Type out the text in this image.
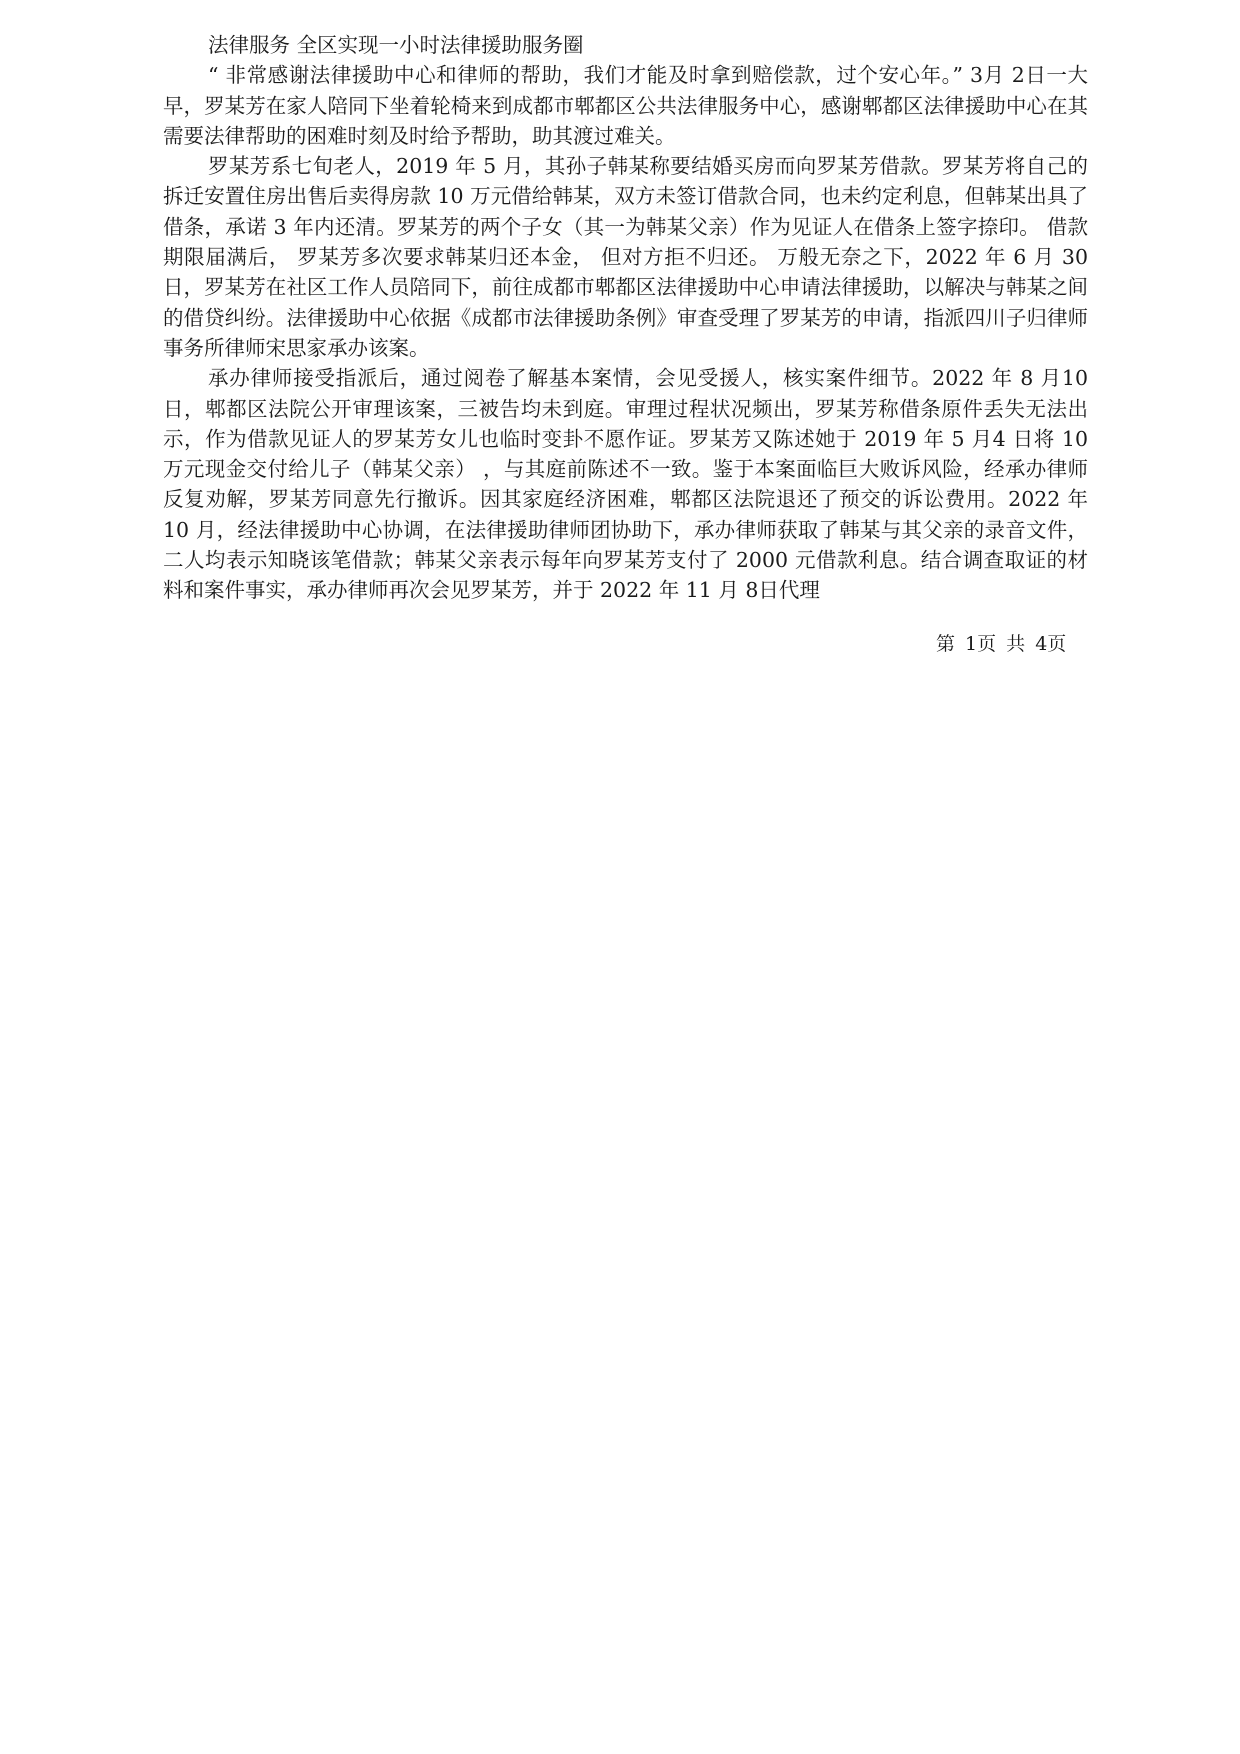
法律服务 全区实现一小时法律援助服务圈

“ 非常感谢法律援助中心和律师的帮助，我们才能及时拿到赔偿款，过个安心年。” 3月 2日一大早，罗某芳在家人陪同下坐着轮椅来到成都市郫都区公共法律服务中心，感谢郫都区法律援助中心在其需要法律帮助的困难时刻及时给予帮助，助其渡过难关。

罗某芳系七旬老人，2019 年 5 月，其孙子韩某称要结婚买房而向罗某芳借款。罗某芳将自己的拆迁安置住房出售后卖得房款 10 万元借给韩某，双方未签订借款合同，也未约定利息，但韩某出具了借条，承诺 3 年内还清。罗某芳的两个子女（其一为韩某父亲）作为见证人在借条上签字捺印。 借款期限届满后， 罗某芳多次要求韩某归还本金， 但对方拒不归还。 万般无奈之下，2022 年 6 月 30 日，罗某芳在社区工作人员陪同下，前往成都市郫都区法律援助中心申请法律援助，以解决与韩某之间的借贷纠纷。法律援助中心依据《成都市法律援助条例》审查受理了罗某芳的申请，指派四川子归律师事务所律师宋思家承办该案。

承办律师接受指派后，通过阅卷了解基本案情，会见受援人，核实案件细节。2022 年 8 月10 日，郫都区法院公开审理该案，三被告均未到庭。审理过程状况频出，罗某芳称借条原件丢失无法出示，作为借款见证人的罗某芳女儿也临时变卦不愿作证。罗某芳又陈述她于 2019 年 5 月4 日将 10 万元现金交付给儿子（韩某父亲） ，与其庭前陈述不一致。鉴于本案面临巨大败诉风险，经承办律师反复劝解，罗某芳同意先行撤诉。因其家庭经济困难，郫都区法院退还了预交的诉讼费用。2022 年 10 月，经法律援助中心协调，在法律援助律师团协助下，承办律师获取了韩某与其父亲的录音文件，二人均表示知晓该笔借款；韩某父亲表示每年向罗某芳支付了 2000 元借款利息。结合调查取证的材料和案件事实，承办律师再次会见罗某芳，并于 2022 年 11 月 8日代理

第 1页 共 4页
